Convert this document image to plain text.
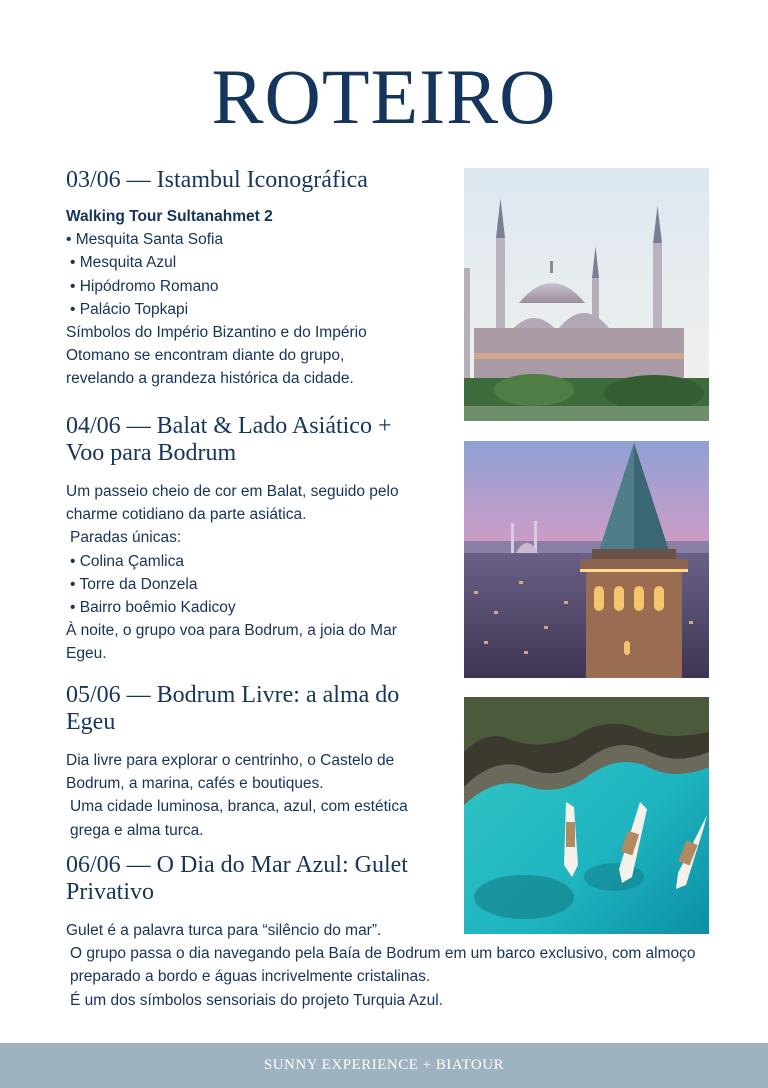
ROTEIRO
03/06 — Istambul Iconográfica

Walking Tour Sultanahmet 2

• Mesquita Santa Sofia

• Mesquita Azul

• Hipódromo Romano

• Palácio Topkapi

Símbolos do Império Bizantino e do Império Otomano se encontram diante do grupo, revelando a grandeza histórica da cidade.

04/06 — Balat & Lado Asiático + Voo para Bodrum

Um passeio cheio de cor em Balat, seguido pelo charme cotidiano da parte asiática.

Paradas únicas:

• Colina Çamlica

• Torre da Donzela

• Bairro boêmio Kadicoy

À noite, o grupo voa para Bodrum, a joia do Mar Egeu.

05/06 — Bodrum Livre: a alma do Egeu

Dia livre para explorar o centrinho, o Castelo de Bodrum, a marina, cafés e boutiques.

Uma cidade luminosa, branca, azul, com estética grega e alma turca.

06/06 — O Dia do Mar Azul: Gulet Privativo

Gulet é a palavra turca para “silêncio do mar”.

O grupo passa o dia navegando pela Baía de Bodrum em um barco exclusivo, com almoço preparado a bordo e águas incrivelmente cristalinas.

É um dos símbolos sensoriais do projeto Turquia Azul.

SUNNY EXPERIENCE + BIATOUR
